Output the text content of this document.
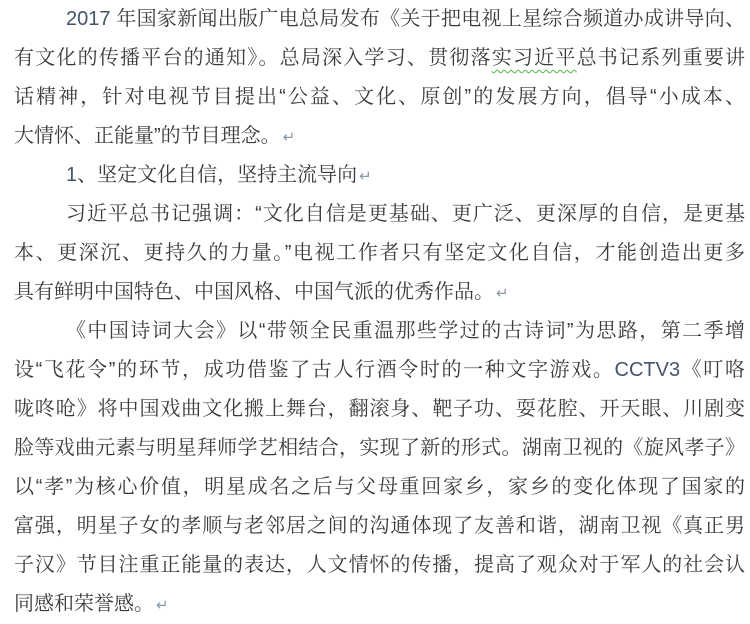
2017 年国家新闻出版广电总局发布《关于把电视上星综合频道办成讲导向、
有文化的传播平台的通知》。总局深入学习、贯彻落实习近平总书记系列重要讲
话精神，针对电视节目提出“公益、文化、原创”的发展方向，倡导“小成本、
大情怀、正能量”的节目理念。 ↵
1、坚定文化自信，坚持主流导向 ↵
习近平总书记强调：“文化自信是更基础、更广泛、更深厚的自信，是更基
本、更深沉、更持久的力量。”电视工作者只有坚定文化自信，才能创造出更多
具有鲜明中国特色、中国风格、中国气派的优秀作品。 ↵
《中国诗词大会》以“带领全民重温那些学过的古诗词”为思路，第二季增
设“飞花令”的环节，成功借鉴了古人行酒令时的一种文字游戏。CCTV3《叮咯
咙咚呛》将中国戏曲文化搬上舞台，翻滚身、靶子功、耍花腔、开天眼、川剧变
脸等戏曲元素与明星拜师学艺相结合，实现了新的形式。湖南卫视的《旋风孝子》
以“孝”为核心价值，明星成名之后与父母重回家乡，家乡的变化体现了国家的
富强，明星子女的孝顺与老邻居之间的沟通体现了友善和谐，湖南卫视《真正男
子汉》节目注重正能量的表达，人文情怀的传播，提高了观众对于军人的社会认
同感和荣誉感。 ↵
